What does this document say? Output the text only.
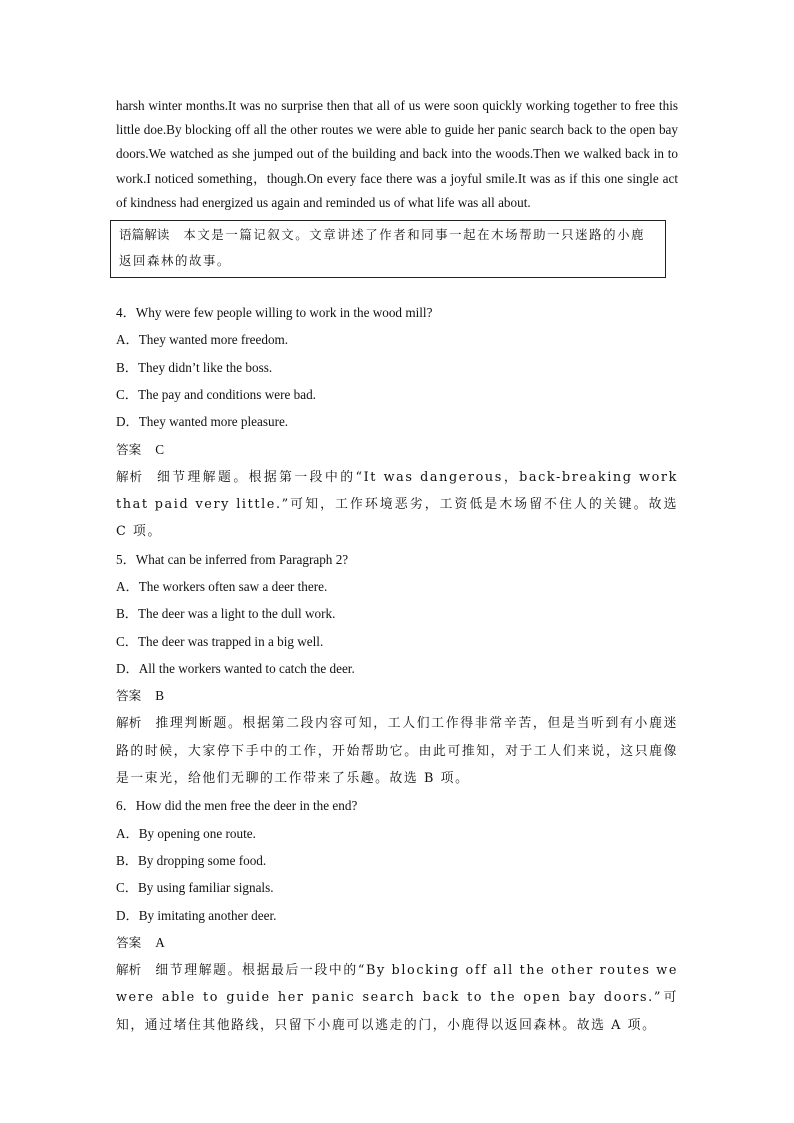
harsh winter months.It was no surprise then that all of us were soon quickly working together to free this little doe.By blocking off all the other routes we were able to guide her panic search back to the open bay doors.We watched as she jumped out of the building and back into the woods.Then we walked back in to work.I noticed something，though.On every face there was a joyful smile.It was as if this one single act of kindness had energized us again and reminded us of what life was all about.

语篇解读 本文是一篇记叙文。文章讲述了作者和同事一起在木场帮助一只迷路的小鹿返回森林的故事。

4．Why were few people willing to work in the wood mill?

A．They wanted more freedom.

B．They didn’t like the boss.

C．The pay and conditions were bad.

D．They wanted more pleasure.

答案 C

解析 细节理解题。根据第一段中的“It was dangerous，back-breaking work that paid very little.”可知，工作环境恶劣，工资低是木场留不住人的关键。故选 C 项。

5．What can be inferred from Paragraph 2?

A．The workers often saw a deer there.

B．The deer was a light to the dull work.

C．The deer was trapped in a big well.

D．All the workers wanted to catch the deer.

答案 B

解析 推理判断题。根据第二段内容可知，工人们工作得非常辛苦，但是当听到有小鹿迷路的时候，大家停下手中的工作，开始帮助它。由此可推知，对于工人们来说，这只鹿像是一束光，给他们无聊的工作带来了乐趣。故选 B 项。

6．How did the men free the deer in the end?

A．By opening one route.

B．By dropping some food.

C．By using familiar signals.

D．By imitating another deer.

答案 A

解析 细节理解题。根据最后一段中的“By blocking off all the other routes we were able to guide her panic search back to the open bay doors.”可知，通过堵住其他路线，只留下小鹿可以逃走的门，小鹿得以返回森林。故选 A 项。
